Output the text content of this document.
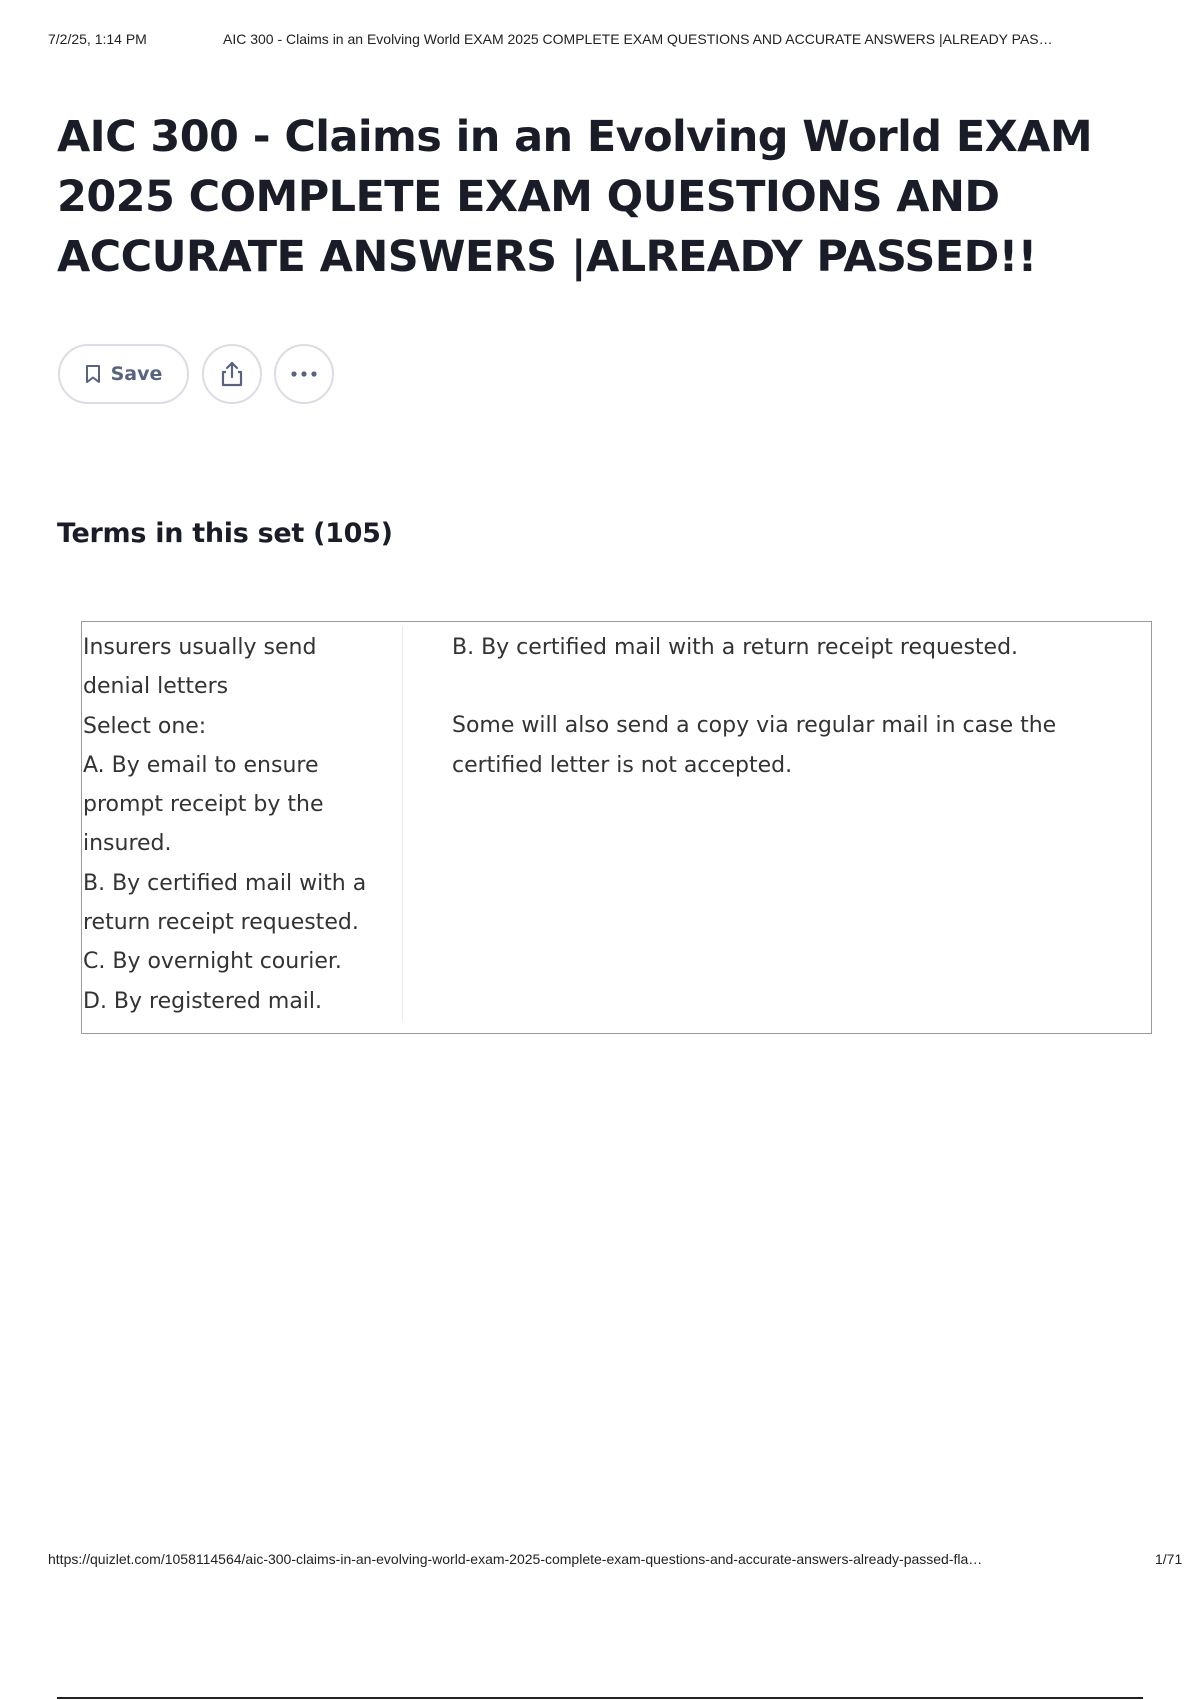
7/2/25, 1:14 PM	AIC 300 - Claims in an Evolving World EXAM 2025 COMPLETE EXAM QUESTIONS AND ACCURATE ANSWERS |ALREADY PAS…
AIC 300 - Claims in an Evolving World EXAM 2025 COMPLETE EXAM QUESTIONS AND ACCURATE ANSWERS |ALREADY PASSED!!
Save
Terms in this set (105)
Insurers usually send
denial letters
Select one:
A. By email to ensure
prompt receipt by the
insured.
B. By certified mail with a
return receipt requested.
C. By overnight courier.
D. By registered mail.

B. By certified mail with a return receipt requested.

Some will also send a copy via regular mail in case the certified letter is not accepted.

https://quizlet.com/1058114564/aic-300-claims-in-an-evolving-world-exam-2025-complete-exam-questions-and-accurate-answers-already-passed-fla…	1/71
